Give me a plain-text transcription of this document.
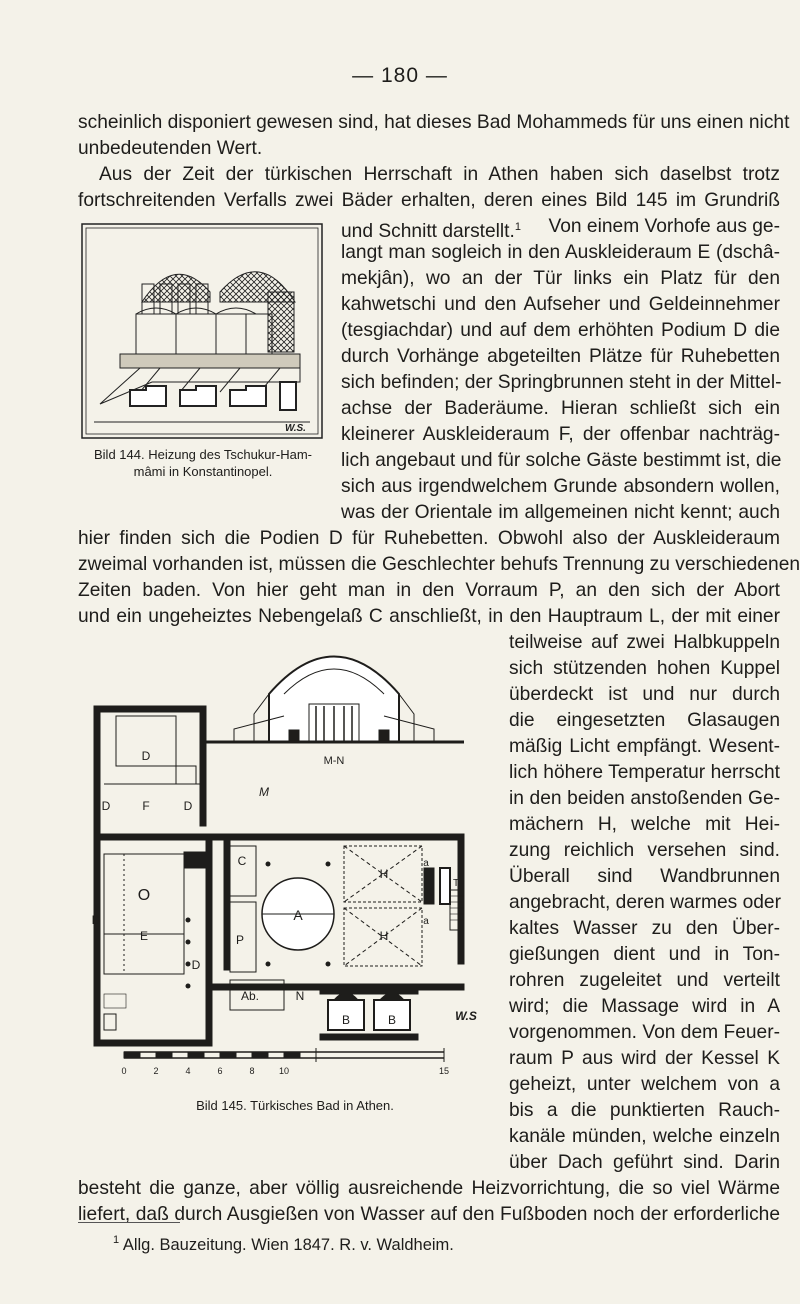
— 180 —
scheinlich disponiert gewesen sind, hat dieses Bad Mohammeds für uns einen nicht
unbedeutenden Wert.
Aus der Zeit der türkischen Herrschaft in Athen haben sich daselbst trotz
fortschreitenden Verfalls zwei Bäder erhalten, deren eines Bild 145 im Grundriß
und Schnitt darstellt.$^1$ Von einem Vorhofe aus ge-
langt man sogleich in den Auskleideraum E (dschâ-
mekjân), wo an der Tür links ein Platz für den
kahwetschi und den Aufseher und Geldeinnehmer
(tesgiachdar) und auf dem erhöhten Podium D die
durch Vorhänge abgeteilten Plätze für Ruhebetten
sich befinden; der Springbrunnen steht in der Mittel-
achse der Baderäume. Hieran schließt sich ein
kleinerer Auskleideraum F, der offenbar nachträg-
lich angebaut und für solche Gäste bestimmt ist, die
sich aus irgendwelchem Grunde absondern wollen,
was der Orientale im allgemeinen nicht kennt; auch
W.S.
Bild 144. Heizung des Tschukur-Ham-
mâmi in Konstantinopel.
hier finden sich die Podien D für Ruhebetten. Obwohl also der Auskleideraum
zweimal vorhanden ist, müssen die Geschlechter behufs Trennung zu verschiedenen
Zeiten baden. Von hier geht man in den Vorraum P, an den sich der Abort
und ein ungeheiztes Nebengelaß C anschließt, in den Hauptraum L, der mit einer
teilweise auf zwei Halbkuppeln
sich stützenden hohen Kuppel
überdeckt ist und nur durch
die eingesetzten Glasaugen
mäßig Licht empfängt. Wesent-
lich höhere Temperatur herrscht
in den beiden anstoßenden Ge-
mächern H, welche mit Hei-
zung reichlich versehen sind.
Überall sind Wandbrunnen
angebracht, deren warmes oder
kaltes Wasser zu den Über-
gießungen dient und in Ton-
rohren zugeleitet und verteilt
wird; die Massage wird in A
vorgenommen. Von dem Feuer-
raum P aus wird der Kessel K
geheizt, unter welchem von a
bis a die punktierten Rauch-
kanäle münden, welche einzeln
über Dach geführt sind. Darin
D
D	F	D
M-N
M
C
O
E
D
D
A
P
Ab.	N
B	B
K
T
a
a
H
H
W.S
0	2	4	6	8	10	15
Bild 145. Türkisches Bad in Athen.
besteht die ganze, aber völlig ausreichende Heizvorrichtung, die so viel Wärme
liefert, daß durch Ausgießen von Wasser auf den Fußboden noch der erforderliche
$^1$ Allg. Bauzeitung. Wien 1847. R. v. Waldheim.
